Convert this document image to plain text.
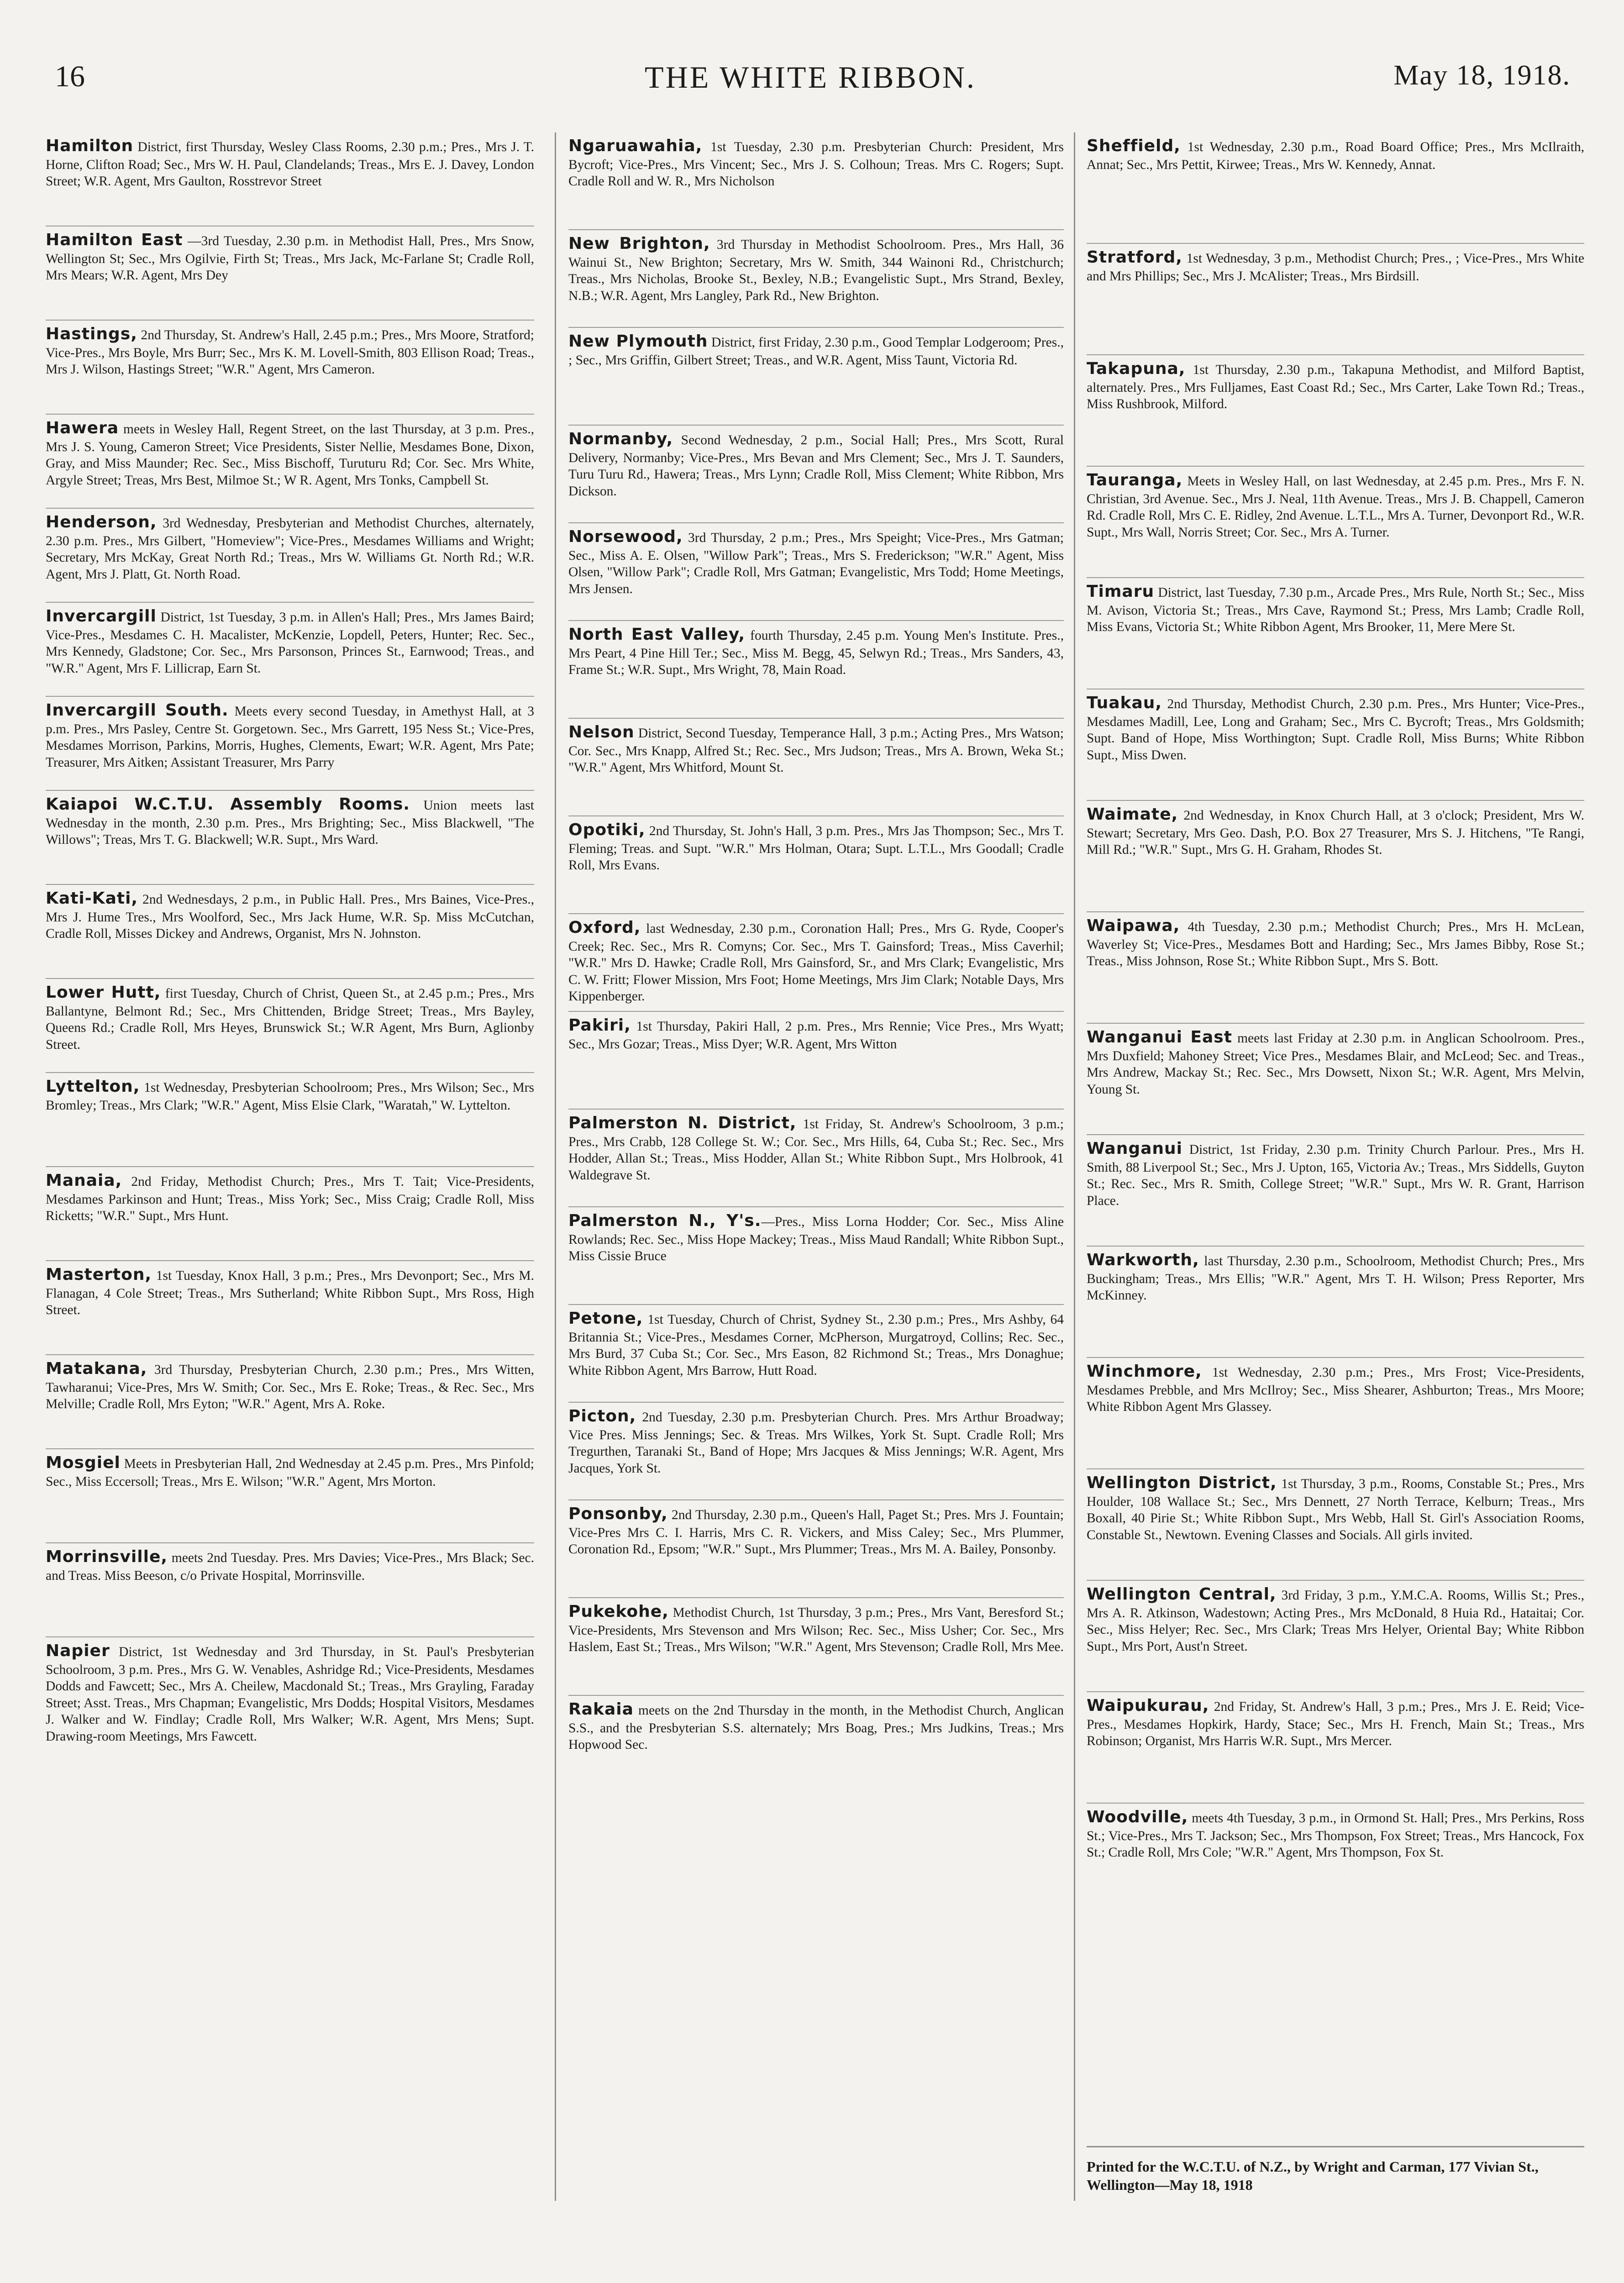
16	THE WHITE RIBBON.	May 18, 1918.

Hamilton District, first Thursday, Wesley Class Rooms, 2.30 p.m.; Pres., Mrs J. T. Horne, Clifton Road; Sec., Mrs W. H. Paul, Clandelands; Treas., Mrs E. J. Davey, London Street; W.R. Agent, Mrs Gaulton, Rosstrevor Street

Hamilton East —3rd Tuesday, 2.30 p.m. in Methodist Hall, Pres., Mrs Snow, Wellington St; Sec., Mrs Ogilvie, Firth St; Treas., Mrs Jack, Mc-Farlane St; Cradle Roll, Mrs Mears; W.R. Agent, Mrs Dey

Hastings, 2nd Thursday, St. Andrew's Hall, 2.45 p.m.; Pres., Mrs Moore, Stratford; Vice-Pres., Mrs Boyle, Mrs Burr; Sec., Mrs K. M. Lovell-Smith, 803 Ellison Road; Treas., Mrs J. Wilson, Hastings Street; "W.R." Agent, Mrs Cameron.

Hawera meets in Wesley Hall, Regent Street, on the last Thursday, at 3 p.m. Pres., Mrs J. S. Young, Cameron Street; Vice Presidents, Sister Nellie, Mesdames Bone, Dixon, Gray, and Miss Maunder; Rec. Sec., Miss Bischoff, Turuturu Rd; Cor. Sec. Mrs White, Argyle Street; Treas, Mrs Best, Milmoe St.; W R. Agent, Mrs Tonks, Campbell St.

Henderson, 3rd Wednesday, Presbyterian and Methodist Churches, alternately, 2.30 p.m. Pres., Mrs Gilbert, "Homeview"; Vice-Pres., Mesdames Williams and Wright; Secretary, Mrs McKay, Great North Rd.; Treas., Mrs W. Williams Gt. North Rd.; W.R. Agent, Mrs J. Platt, Gt. North Road.

Invercargill District, 1st Tuesday, 3 p.m. in Allen's Hall; Pres., Mrs James Baird; Vice-Pres., Mesdames C. H. Macalister, McKenzie, Lopdell, Peters, Hunter; Rec. Sec., Mrs Kennedy, Gladstone; Cor. Sec., Mrs Parsonson, Princes St., Earnwood; Treas., and "W.R." Agent, Mrs F. Lillicrap, Earn St.

Invercargill South. Meets every second Tuesday, in Amethyst Hall, at 3 p.m. Pres., Mrs Pasley, Centre St. Gorgetown. Sec., Mrs Garrett, 195 Ness St.; Vice-Pres, Mesdames Morrison, Parkins, Morris, Hughes, Clements, Ewart; W.R. Agent, Mrs Pate; Treasurer, Mrs Aitken; Assistant Treasurer, Mrs Parry

Kaiapoi W.C.T.U. Assembly Rooms. Union meets last Wednesday in the month, 2.30 p.m. Pres., Mrs Brighting; Sec., Miss Blackwell, "The Willows"; Treas, Mrs T. G. Blackwell; W.R. Supt., Mrs Ward.

Kati-Kati, 2nd Wednesdays, 2 p.m., in Public Hall. Pres., Mrs Baines, Vice-Pres., Mrs J. Hume Tres., Mrs Woolford, Sec., Mrs Jack Hume, W.R. Sp. Miss McCutchan, Cradle Roll, Misses Dickey and Andrews, Organist, Mrs N. Johnston.

Lower Hutt, first Tuesday, Church of Christ, Queen St., at 2.45 p.m.; Pres., Mrs Ballantyne, Belmont Rd.; Sec., Mrs Chittenden, Bridge Street; Treas., Mrs Bayley, Queens Rd.; Cradle Roll, Mrs Heyes, Brunswick St.; W.R Agent, Mrs Burn, Aglionby Street.

Lyttelton, 1st Wednesday, Presbyterian Schoolroom; Pres., Mrs Wilson; Sec., Mrs Bromley; Treas., Mrs Clark; "W.R." Agent, Miss Elsie Clark, "Waratah," W. Lyttelton.

Manaia, 2nd Friday, Methodist Church; Pres., Mrs T. Tait; Vice-Presidents, Mesdames Parkinson and Hunt; Treas., Miss York; Sec., Miss Craig; Cradle Roll, Miss Ricketts; "W.R." Supt., Mrs Hunt.

Masterton, 1st Tuesday, Knox Hall, 3 p.m.; Pres., Mrs Devonport; Sec., Mrs M. Flanagan, 4 Cole Street; Treas., Mrs Sutherland; White Ribbon Supt., Mrs Ross, High Street.

Matakana, 3rd Thursday, Presbyterian Church, 2.30 p.m.; Pres., Mrs Witten, Tawharanui; Vice-Pres, Mrs W. Smith; Cor. Sec., Mrs E. Roke; Treas., & Rec. Sec., Mrs Melville; Cradle Roll, Mrs Eyton; "W.R." Agent, Mrs A. Roke.

Mosgiel Meets in Presbyterian Hall, 2nd Wednesday at 2.45 p.m. Pres., Mrs Pinfold; Sec., Miss Eccersoll; Treas., Mrs E. Wilson; "W.R." Agent, Mrs Morton.

Morrinsville, meets 2nd Tuesday. Pres. Mrs Davies; Vice-Pres., Mrs Black; Sec. and Treas. Miss Beeson, c/o Private Hospital, Morrinsville.

Napier District, 1st Wednesday and 3rd Thursday, in St. Paul's Presbyterian Schoolroom, 3 p.m. Pres., Mrs G. W. Venables, Ashridge Rd.; Vice-Presidents, Mesdames Dodds and Fawcett; Sec., Mrs A. Cheilew, Macdonald St.; Treas., Mrs Grayling, Faraday Street; Asst. Treas., Mrs Chapman; Evangelistic, Mrs Dodds; Hospital Visitors, Mesdames J. Walker and W. Findlay; Cradle Roll, Mrs Walker; W.R. Agent, Mrs Mens; Supt. Drawing-room Meetings, Mrs Fawcett.

Ngaruawahia, 1st Tuesday, 2.30 p.m. Presbyterian Church: President, Mrs Bycroft; Vice-Pres., Mrs Vincent; Sec., Mrs J. S. Colhoun; Treas. Mrs C. Rogers; Supt. Cradle Roll and W. R., Mrs Nicholson

New Brighton, 3rd Thursday in Methodist Schoolroom. Pres., Mrs Hall, 36 Wainui St., New Brighton; Secretary, Mrs W. Smith, 344 Wainoni Rd., Christchurch; Treas., Mrs Nicholas, Brooke St., Bexley, N.B.; Evangelistic Supt., Mrs Strand, Bexley, N.B.; W.R. Agent, Mrs Langley, Park Rd., New Brighton.

New Plymouth District, first Friday, 2.30 p.m., Good Templar Lodgeroom; Pres., ; Sec., Mrs Griffin, Gilbert Street; Treas., and W.R. Agent, Miss Taunt, Victoria Rd.

Normanby, Second Wednesday, 2 p.m., Social Hall; Pres., Mrs Scott, Rural Delivery, Normanby; Vice-Pres., Mrs Bevan and Mrs Clement; Sec., Mrs J. T. Saunders, Turu Turu Rd., Hawera; Treas., Mrs Lynn; Cradle Roll, Miss Clement; White Ribbon, Mrs Dickson.

Norsewood, 3rd Thursday, 2 p.m.; Pres., Mrs Speight; Vice-Pres., Mrs Gatman; Sec., Miss A. E. Olsen, "Willow Park"; Treas., Mrs S. Frederickson; "W.R." Agent, Miss Olsen, "Willow Park"; Cradle Roll, Mrs Gatman; Evangelistic, Mrs Todd; Home Meetings, Mrs Jensen.

North East Valley, fourth Thursday, 2.45 p.m. Young Men's Institute. Pres., Mrs Peart, 4 Pine Hill Ter.; Sec., Miss M. Begg, 45, Selwyn Rd.; Treas., Mrs Sanders, 43, Frame St.; W.R. Supt., Mrs Wright, 78, Main Road.

Nelson District, Second Tuesday, Temperance Hall, 3 p.m.; Acting Pres., Mrs Watson; Cor. Sec., Mrs Knapp, Alfred St.; Rec. Sec., Mrs Judson; Treas., Mrs A. Brown, Weka St.; "W.R." Agent, Mrs Whitford, Mount St.

Opotiki, 2nd Thursday, St. John's Hall, 3 p.m. Pres., Mrs Jas Thompson; Sec., Mrs T. Fleming; Treas. and Supt. "W.R." Mrs Holman, Otara; Supt. L.T.L., Mrs Goodall; Cradle Roll, Mrs Evans.

Oxford, last Wednesday, 2.30 p.m., Coronation Hall; Pres., Mrs G. Ryde, Cooper's Creek; Rec. Sec., Mrs R. Comyns; Cor. Sec., Mrs T. Gainsford; Treas., Miss Caverhil; "W.R." Mrs D. Hawke; Cradle Roll, Mrs Gainsford, Sr., and Mrs Clark; Evangelistic, Mrs C. W. Fritt; Flower Mission, Mrs Foot; Home Meetings, Mrs Jim Clark; Notable Days, Mrs Kippenberger.

Pakiri, 1st Thursday, Pakiri Hall, 2 p.m. Pres., Mrs Rennie; Vice Pres., Mrs Wyatt; Sec., Mrs Gozar; Treas., Miss Dyer; W.R. Agent, Mrs Witton

Palmerston N. District, 1st Friday, St. Andrew's Schoolroom, 3 p.m.; Pres., Mrs Crabb, 128 College St. W.; Cor. Sec., Mrs Hills, 64, Cuba St.; Rec. Sec., Mrs Hodder, Allan St.; Treas., Miss Hodder, Allan St.; White Ribbon Supt., Mrs Holbrook, 41 Waldegrave St.

Palmerston N., Y's.—Pres., Miss Lorna Hodder; Cor. Sec., Miss Aline Rowlands; Rec. Sec., Miss Hope Mackey; Treas., Miss Maud Randall; White Ribbon Supt., Miss Cissie Bruce

Petone, 1st Tuesday, Church of Christ, Sydney St., 2.30 p.m.; Pres., Mrs Ashby, 64 Britannia St.; Vice-Pres., Mesdames Corner, McPherson, Murgatroyd, Collins; Rec. Sec., Mrs Burd, 37 Cuba St.; Cor. Sec., Mrs Eason, 82 Richmond St.; Treas., Mrs Donaghue; White Ribbon Agent, Mrs Barrow, Hutt Road.

Picton, 2nd Tuesday, 2.30 p.m. Presbyterian Church. Pres. Mrs Arthur Broadway; Vice Pres. Miss Jennings; Sec. & Treas. Mrs Wilkes, York St. Supt. Cradle Roll; Mrs Tregurthen, Taranaki St., Band of Hope; Mrs Jacques & Miss Jennings; W.R. Agent, Mrs Jacques, York St.

Ponsonby, 2nd Thursday, 2.30 p.m., Queen's Hall, Paget St.; Pres. Mrs J. Fountain; Vice-Pres Mrs C. I. Harris, Mrs C. R. Vickers, and Miss Caley; Sec., Mrs Plummer, Coronation Rd., Epsom; "W.R." Supt., Mrs Plummer; Treas., Mrs M. A. Bailey, Ponsonby.

Pukekohe, Methodist Church, 1st Thursday, 3 p.m.; Pres., Mrs Vant, Beresford St.; Vice-Presidents, Mrs Stevenson and Mrs Wilson; Rec. Sec., Miss Usher; Cor. Sec., Mrs Haslem, East St.; Treas., Mrs Wilson; "W.R." Agent, Mrs Stevenson; Cradle Roll, Mrs Mee.

Rakaia meets on the 2nd Thursday in the month, in the Methodist Church, Anglican S.S., and the Presbyterian S.S. alternately; Mrs Boag, Pres.; Mrs Judkins, Treas.; Mrs Hopwood Sec.

Sheffield, 1st Wednesday, 2.30 p.m., Road Board Office; Pres., Mrs McIlraith, Annat; Sec., Mrs Pettit, Kirwee; Treas., Mrs W. Kennedy, Annat.

Stratford, 1st Wednesday, 3 p.m., Methodist Church; Pres., ; Vice-Pres., Mrs White and Mrs Phillips; Sec., Mrs J. McAlister; Treas., Mrs Birdsill.

Takapuna, 1st Thursday, 2.30 p.m., Takapuna Methodist, and Milford Baptist, alternately. Pres., Mrs Fulljames, East Coast Rd.; Sec., Mrs Carter, Lake Town Rd.; Treas., Miss Rushbrook, Milford.

Tauranga, Meets in Wesley Hall, on last Wednesday, at 2.45 p.m. Pres., Mrs F. N. Christian, 3rd Avenue. Sec., Mrs J. Neal, 11th Avenue. Treas., Mrs J. B. Chappell, Cameron Rd. Cradle Roll, Mrs C. E. Ridley, 2nd Avenue. L.T.L., Mrs A. Turner, Devonport Rd., W.R. Supt., Mrs Wall, Norris Street; Cor. Sec., Mrs A. Turner.

Timaru District, last Tuesday, 7.30 p.m., Arcade Pres., Mrs Rule, North St.; Sec., Miss M. Avison, Victoria St.; Treas., Mrs Cave, Raymond St.; Press, Mrs Lamb; Cradle Roll, Miss Evans, Victoria St.; White Ribbon Agent, Mrs Brooker, 11, Mere Mere St.

Tuakau, 2nd Thursday, Methodist Church, 2.30 p.m. Pres., Mrs Hunter; Vice-Pres., Mesdames Madill, Lee, Long and Graham; Sec., Mrs C. Bycroft; Treas., Mrs Goldsmith; Supt. Band of Hope, Miss Worthington; Supt. Cradle Roll, Miss Burns; White Ribbon Supt., Miss Dwen.

Waimate, 2nd Wednesday, in Knox Church Hall, at 3 o'clock; President, Mrs W. Stewart; Secretary, Mrs Geo. Dash, P.O. Box 27 Treasurer, Mrs S. J. Hitchens, "Te Rangi, Mill Rd.; "W.R." Supt., Mrs G. H. Graham, Rhodes St.

Waipawa, 4th Tuesday, 2.30 p.m.; Methodist Church; Pres., Mrs H. McLean, Waverley St; Vice-Pres., Mesdames Bott and Harding; Sec., Mrs James Bibby, Rose St.; Treas., Miss Johnson, Rose St.; White Ribbon Supt., Mrs S. Bott.

Wanganui East meets last Friday at 2.30 p.m. in Anglican Schoolroom. Pres., Mrs Duxfield; Mahoney Street; Vice Pres., Mesdames Blair, and McLeod; Sec. and Treas., Mrs Andrew, Mackay St.; Rec. Sec., Mrs Dowsett, Nixon St.; W.R. Agent, Mrs Melvin, Young St.

Wanganui District, 1st Friday, 2.30 p.m. Trinity Church Parlour. Pres., Mrs H. Smith, 88 Liverpool St.; Sec., Mrs J. Upton, 165, Victoria Av.; Treas., Mrs Siddells, Guyton St.; Rec. Sec., Mrs R. Smith, College Street; "W.R." Supt., Mrs W. R. Grant, Harrison Place.

Warkworth, last Thursday, 2.30 p.m., Schoolroom, Methodist Church; Pres., Mrs Buckingham; Treas., Mrs Ellis; "W.R." Agent, Mrs T. H. Wilson; Press Reporter, Mrs McKinney.

Winchmore, 1st Wednesday, 2.30 p.m.; Pres., Mrs Frost; Vice-Presidents, Mesdames Prebble, and Mrs McIlroy; Sec., Miss Shearer, Ashburton; Treas., Mrs Moore; White Ribbon Agent Mrs Glassey.

Wellington District, 1st Thursday, 3 p.m., Rooms, Constable St.; Pres., Mrs Houlder, 108 Wallace St.; Sec., Mrs Dennett, 27 North Terrace, Kelburn; Treas., Mrs Boxall, 40 Pirie St.; White Ribbon Supt., Mrs Webb, Hall St. Girl's Association Rooms, Constable St., Newtown. Evening Classes and Socials. All girls invited.

Wellington Central, 3rd Friday, 3 p.m., Y.M.C.A. Rooms, Willis St.; Pres., Mrs A. R. Atkinson, Wadestown; Acting Pres., Mrs McDonald, 8 Huia Rd., Hataitai; Cor. Sec., Miss Helyer; Rec. Sec., Mrs Clark; Treas Mrs Helyer, Oriental Bay; White Ribbon Supt., Mrs Port, Aust'n Street.

Waipukurau, 2nd Friday, St. Andrew's Hall, 3 p.m.; Pres., Mrs J. E. Reid; Vice-Pres., Mesdames Hopkirk, Hardy, Stace; Sec., Mrs H. French, Main St.; Treas., Mrs Robinson; Organist, Mrs Harris W.R. Supt., Mrs Mercer.

Woodville, meets 4th Tuesday, 3 p.m., in Ormond St. Hall; Pres., Mrs Perkins, Ross St.; Vice-Pres., Mrs T. Jackson; Sec., Mrs Thompson, Fox Street; Treas., Mrs Hancock, Fox St.; Cradle Roll, Mrs Cole; "W.R." Agent, Mrs Thompson, Fox St.

Printed for the W.C.T.U. of N.Z., by Wright and Carman, 177 Vivian St., Wellington—May 18, 1918
